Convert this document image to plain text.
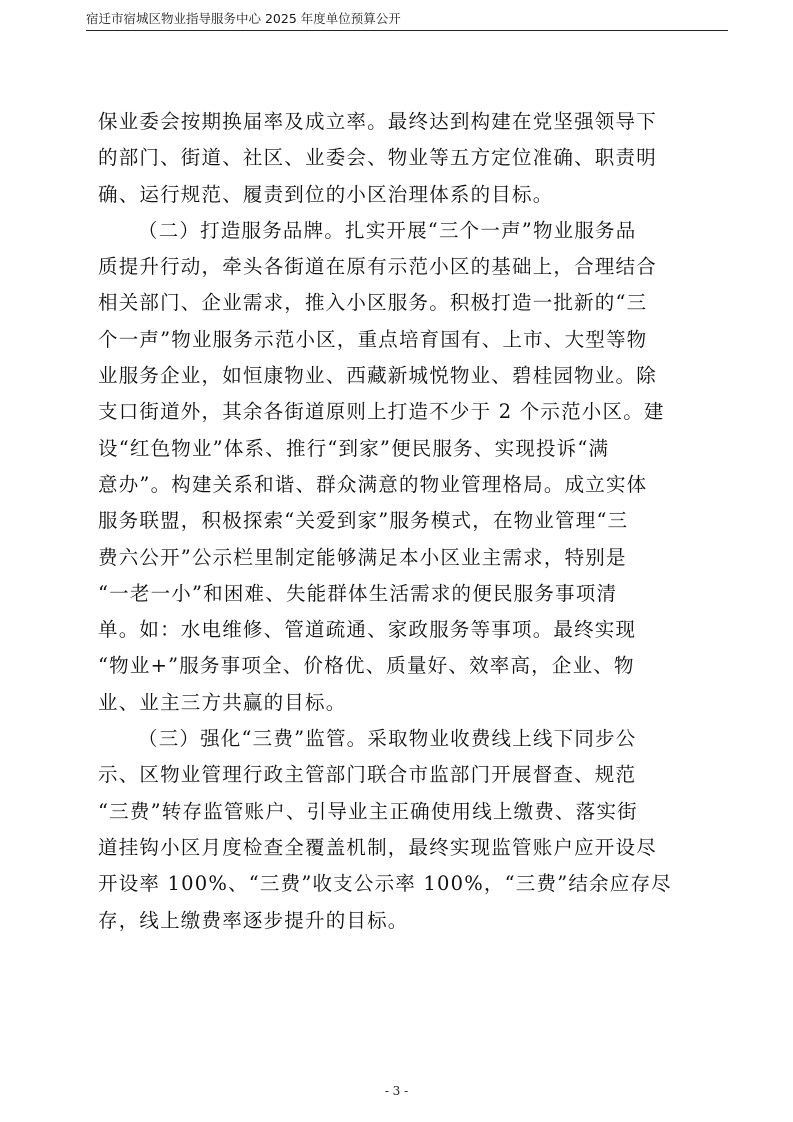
宿迁市宿城区物业指导服务中心 2025 年度单位预算公开
保业委会按期换届率及成立率。最终达到构建在党坚强领导下
的部门、街道、社区、业委会、物业等五方定位准确、职责明
确、运行规范、履责到位的小区治理体系的目标。
（二）打造服务品牌。扎实开展“三个一声”物业服务品
质提升行动，牵头各街道在原有示范小区的基础上，合理结合
相关部门、企业需求，推入小区服务。积极打造一批新的“三
个一声”物业服务示范小区，重点培育国有、上市、大型等物
业服务企业，如恒康物业、西藏新城悦物业、碧桂园物业。除
支口街道外，其余各街道原则上打造不少于 2 个示范小区。建
设“红色物业”体系、推行“到家”便民服务、实现投诉“满
意办”。构建关系和谐、群众满意的物业管理格局。成立实体
服务联盟，积极探索“关爱到家”服务模式，在物业管理“三
费六公开”公示栏里制定能够满足本小区业主需求，特别是
“一老一小”和困难、失能群体生活需求的便民服务事项清
单。如：水电维修、管道疏通、家政服务等事项。最终实现
“物业+”服务事项全、价格优、质量好、效率高，企业、物
业、业主三方共赢的目标。
（三）强化“三费”监管。采取物业收费线上线下同步公
示、区物业管理行政主管部门联合市监部门开展督查、规范
“三费”转存监管账户、引导业主正确使用线上缴费、落实街
道挂钩小区月度检查全覆盖机制，最终实现监管账户应开设尽
开设率 100%、“三费”收支公示率 100%，“三费”结余应存尽
存，线上缴费率逐步提升的目标。
- 3 -
